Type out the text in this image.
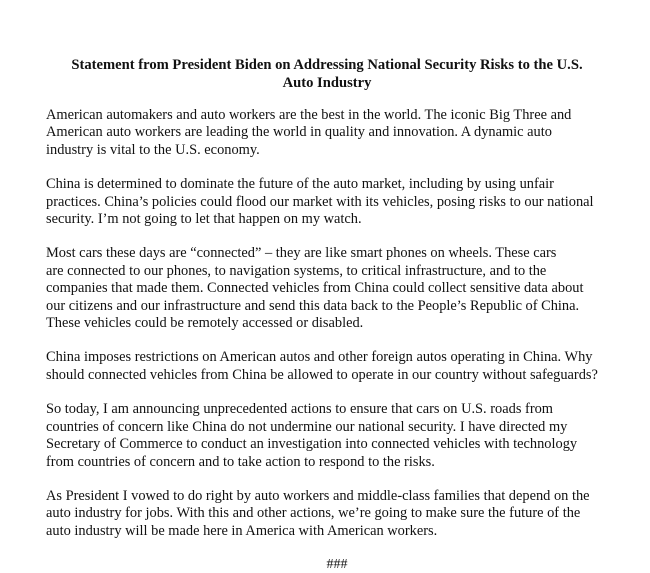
Statement from President Biden on Addressing National Security Risks to the U.S. Auto Industry
American automakers and auto workers are the best in the world. The iconic Big Three and
American auto workers are leading the world in quality and innovation. A dynamic auto
industry is vital to the U.S. economy.
China is determined to dominate the future of the auto market, including by using unfair
practices. China’s policies could flood our market with its vehicles, posing risks to our national
security. I’m not going to let that happen on my watch.
Most cars these days are “connected” – they are like smart phones on wheels. These cars
are connected to our phones, to navigation systems, to critical infrastructure, and to the
companies that made them. Connected vehicles from China could collect sensitive data about
our citizens and our infrastructure and send this data back to the People’s Republic of China.
These vehicles could be remotely accessed or disabled.
China imposes restrictions on American autos and other foreign autos operating in China. Why
should connected vehicles from China be allowed to operate in our country without safeguards?
So today, I am announcing unprecedented actions to ensure that cars on U.S. roads from
countries of concern like China do not undermine our national security. I have directed my
Secretary of Commerce to conduct an investigation into connected vehicles with technology
from countries of concern and to take action to respond to the risks.
As President I vowed to do right by auto workers and middle-class families that depend on the
auto industry for jobs. With this and other actions, we’re going to make sure the future of the
auto industry will be made here in America with American workers.
###
